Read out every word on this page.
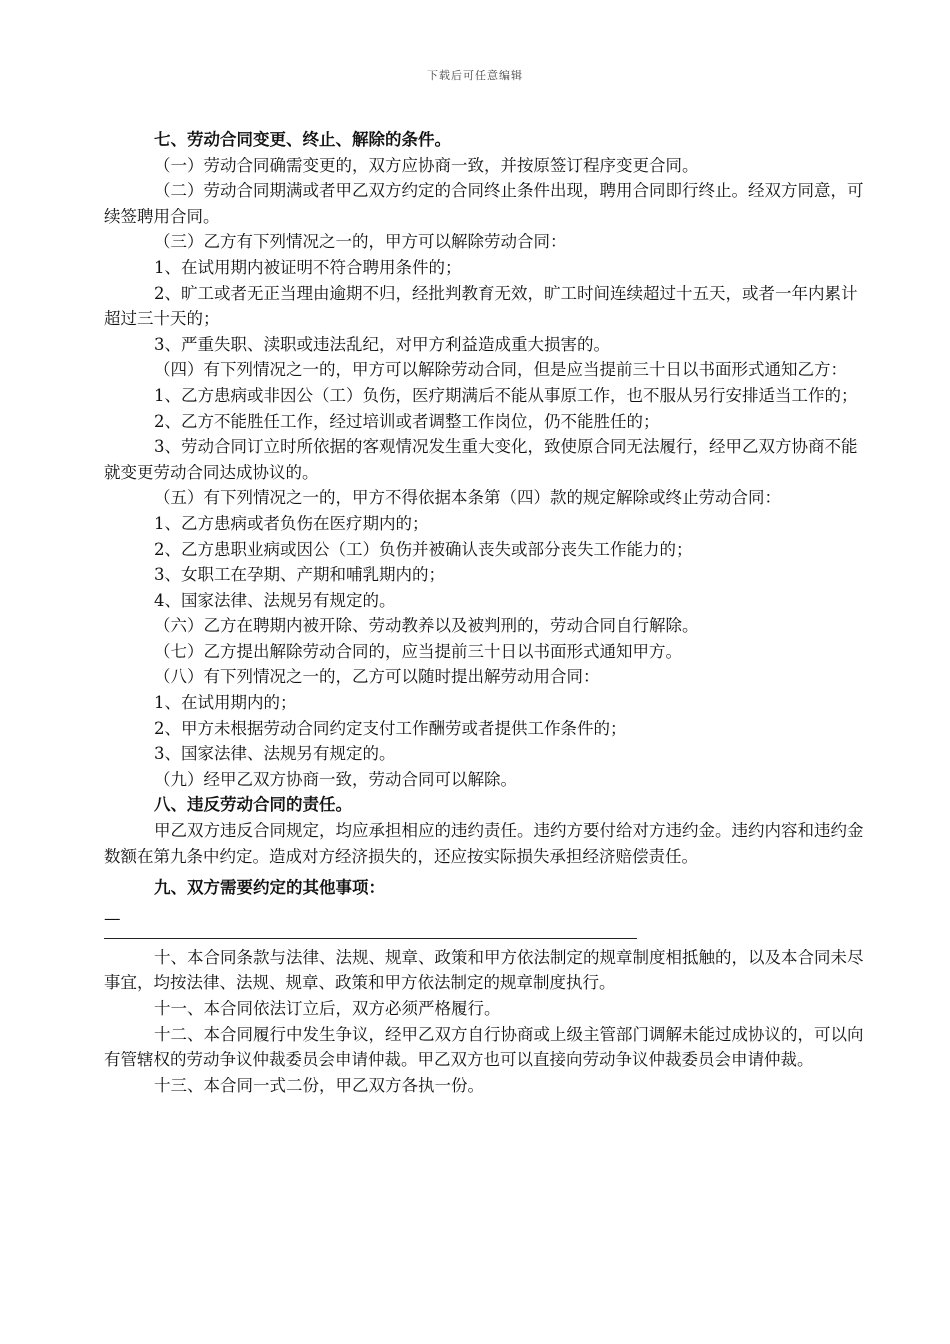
下载后可任意编辑

七、劳动合同变更、终止、解除的条件。

（一）劳动合同确需变更的，双方应协商一致，并按原签订程序变更合同。

（二）劳动合同期满或者甲乙双方约定的合同终止条件出现，聘用合同即行终止。经双方同意，可续签聘用合同。

（三）乙方有下列情况之一的，甲方可以解除劳动合同：

1、在试用期内被证明不符合聘用条件的；

2、旷工或者无正当理由逾期不归，经批判教育无效，旷工时间连续超过十五天，或者一年内累计超过三十天的；

3、严重失职、渎职或违法乱纪，对甲方利益造成重大损害的。

（四）有下列情况之一的，甲方可以解除劳动合同，但是应当提前三十日以书面形式通知乙方：

1、乙方患病或非因公（工）负伤，医疗期满后不能从事原工作，也不服从另行安排适当工作的；

2、乙方不能胜任工作，经过培训或者调整工作岗位，仍不能胜任的；

3、劳动合同订立时所依据的客观情况发生重大变化，致使原合同无法履行，经甲乙双方协商不能就变更劳动合同达成协议的。

（五）有下列情况之一的，甲方不得依据本条第（四）款的规定解除或终止劳动合同：

1、乙方患病或者负伤在医疗期内的；

2、乙方患职业病或因公（工）负伤并被确认丧失或部分丧失工作能力的；

3、女职工在孕期、产期和哺乳期内的；

4、国家法律、法规另有规定的。

（六）乙方在聘期内被开除、劳动教养以及被判刑的，劳动合同自行解除。

（七）乙方提出解除劳动合同的，应当提前三十日以书面形式通知甲方。

（八）有下列情况之一的，乙方可以随时提出解劳动用合同：

1、在试用期内的；

2、甲方未根据劳动合同约定支付工作酬劳或者提供工作条件的；

3、国家法律、法规另有规定的。

（九）经甲乙双方协商一致，劳动合同可以解除。

八、违反劳动合同的责任。

甲乙双方违反合同规定，均应承担相应的违约责任。违约方要付给对方违约金。违约内容和违约金数额在第九条中约定。造成对方经济损失的，还应按实际损失承担经济赔偿责任。

九、双方需要约定的其他事项：

—

十、本合同条款与法律、法规、规章、政策和甲方依法制定的规章制度相抵触的，以及本合同未尽事宜，均按法律、法规、规章、政策和甲方依法制定的规章制度执行。

十一、本合同依法订立后，双方必须严格履行。

十二、本合同履行中发生争议，经甲乙双方自行协商或上级主管部门调解未能过成协议的，可以向有管辖权的劳动争议仲裁委员会申请仲裁。甲乙双方也可以直接向劳动争议仲裁委员会申请仲裁。

十三、本合同一式二份，甲乙双方各执一份。
